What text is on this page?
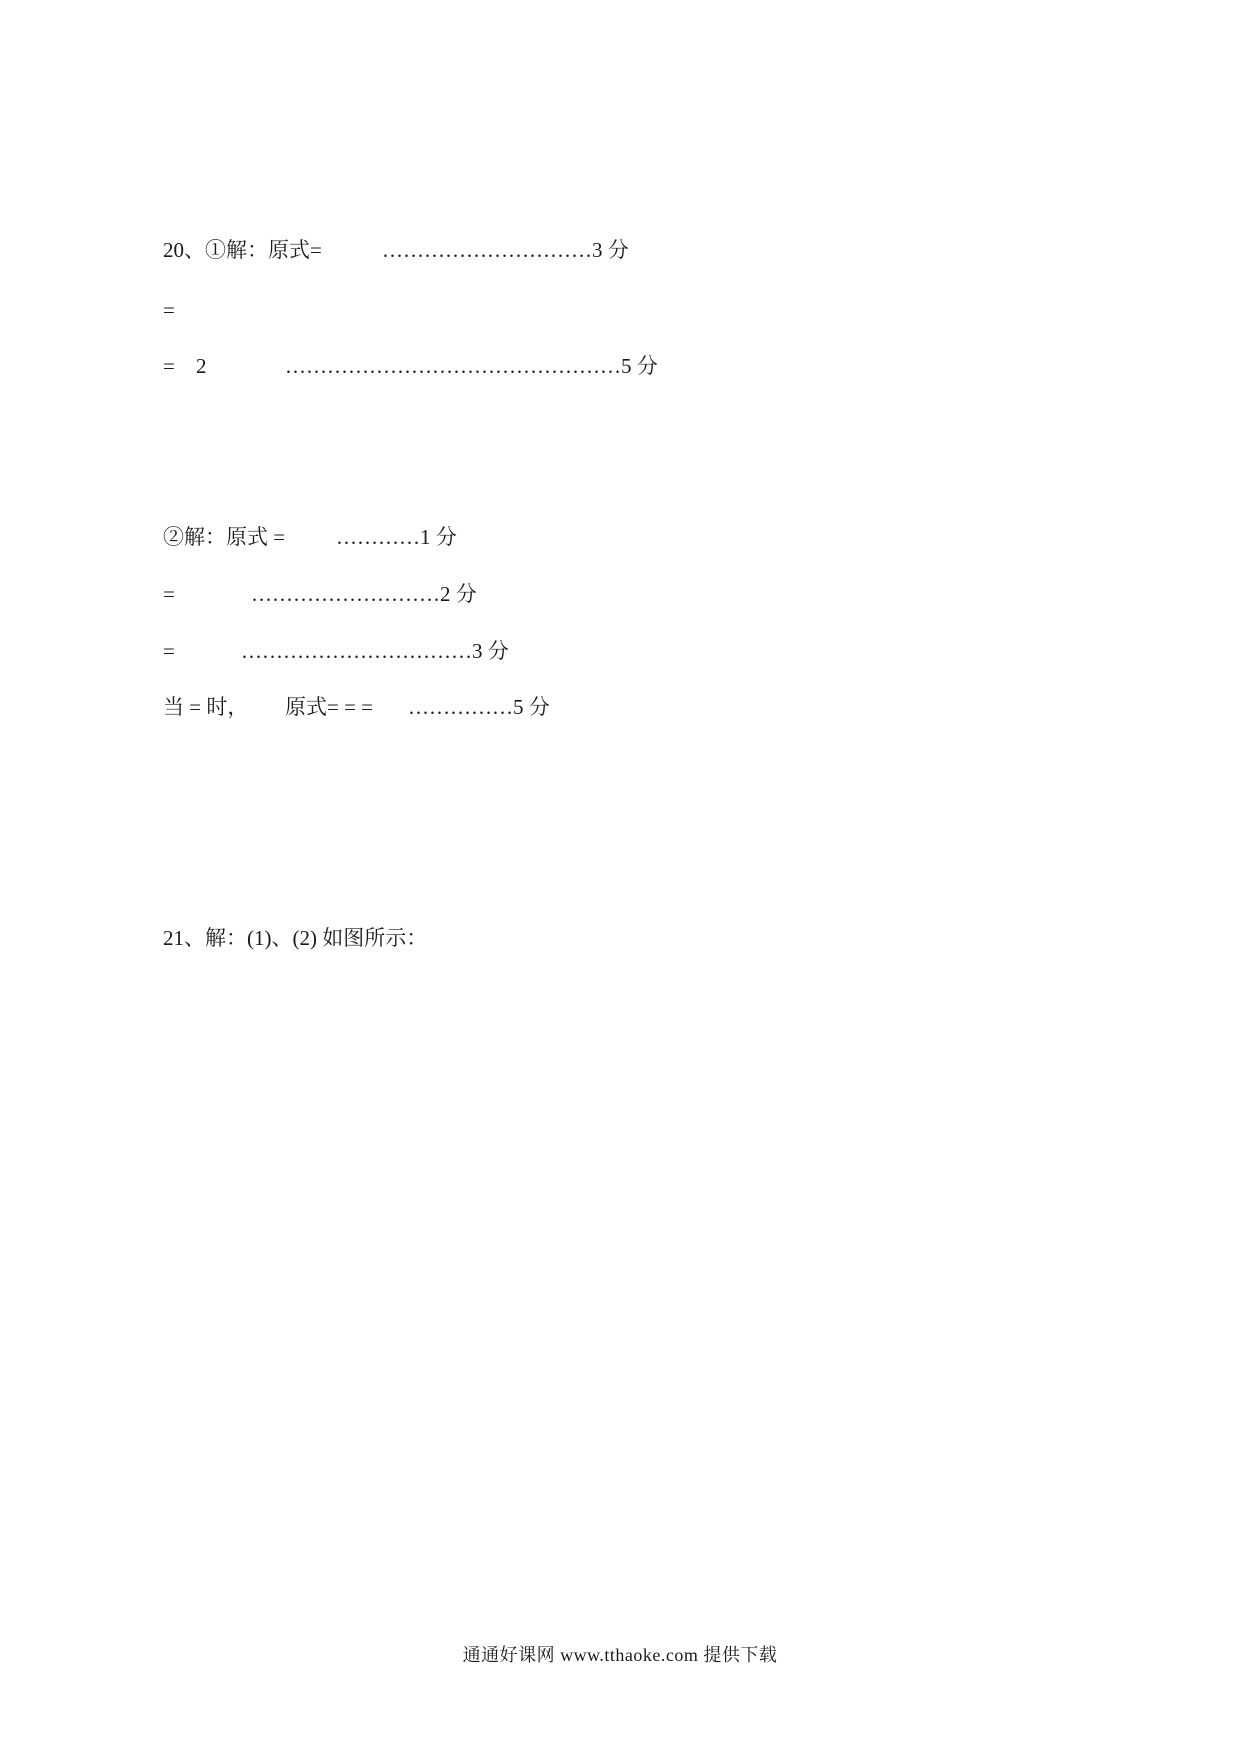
20、①解：原式=

	…………………………3 分

=

=

2

	…………………………………………5 分

②解：原式 =

…………1 分

=

	………………………2 分

=

	……………………………3 分

当 = 时，

原式= = =

……………5 分

21、解：(1)、(2) 如图所示：

通通好课网 www.tthaoke.com 提供下载
